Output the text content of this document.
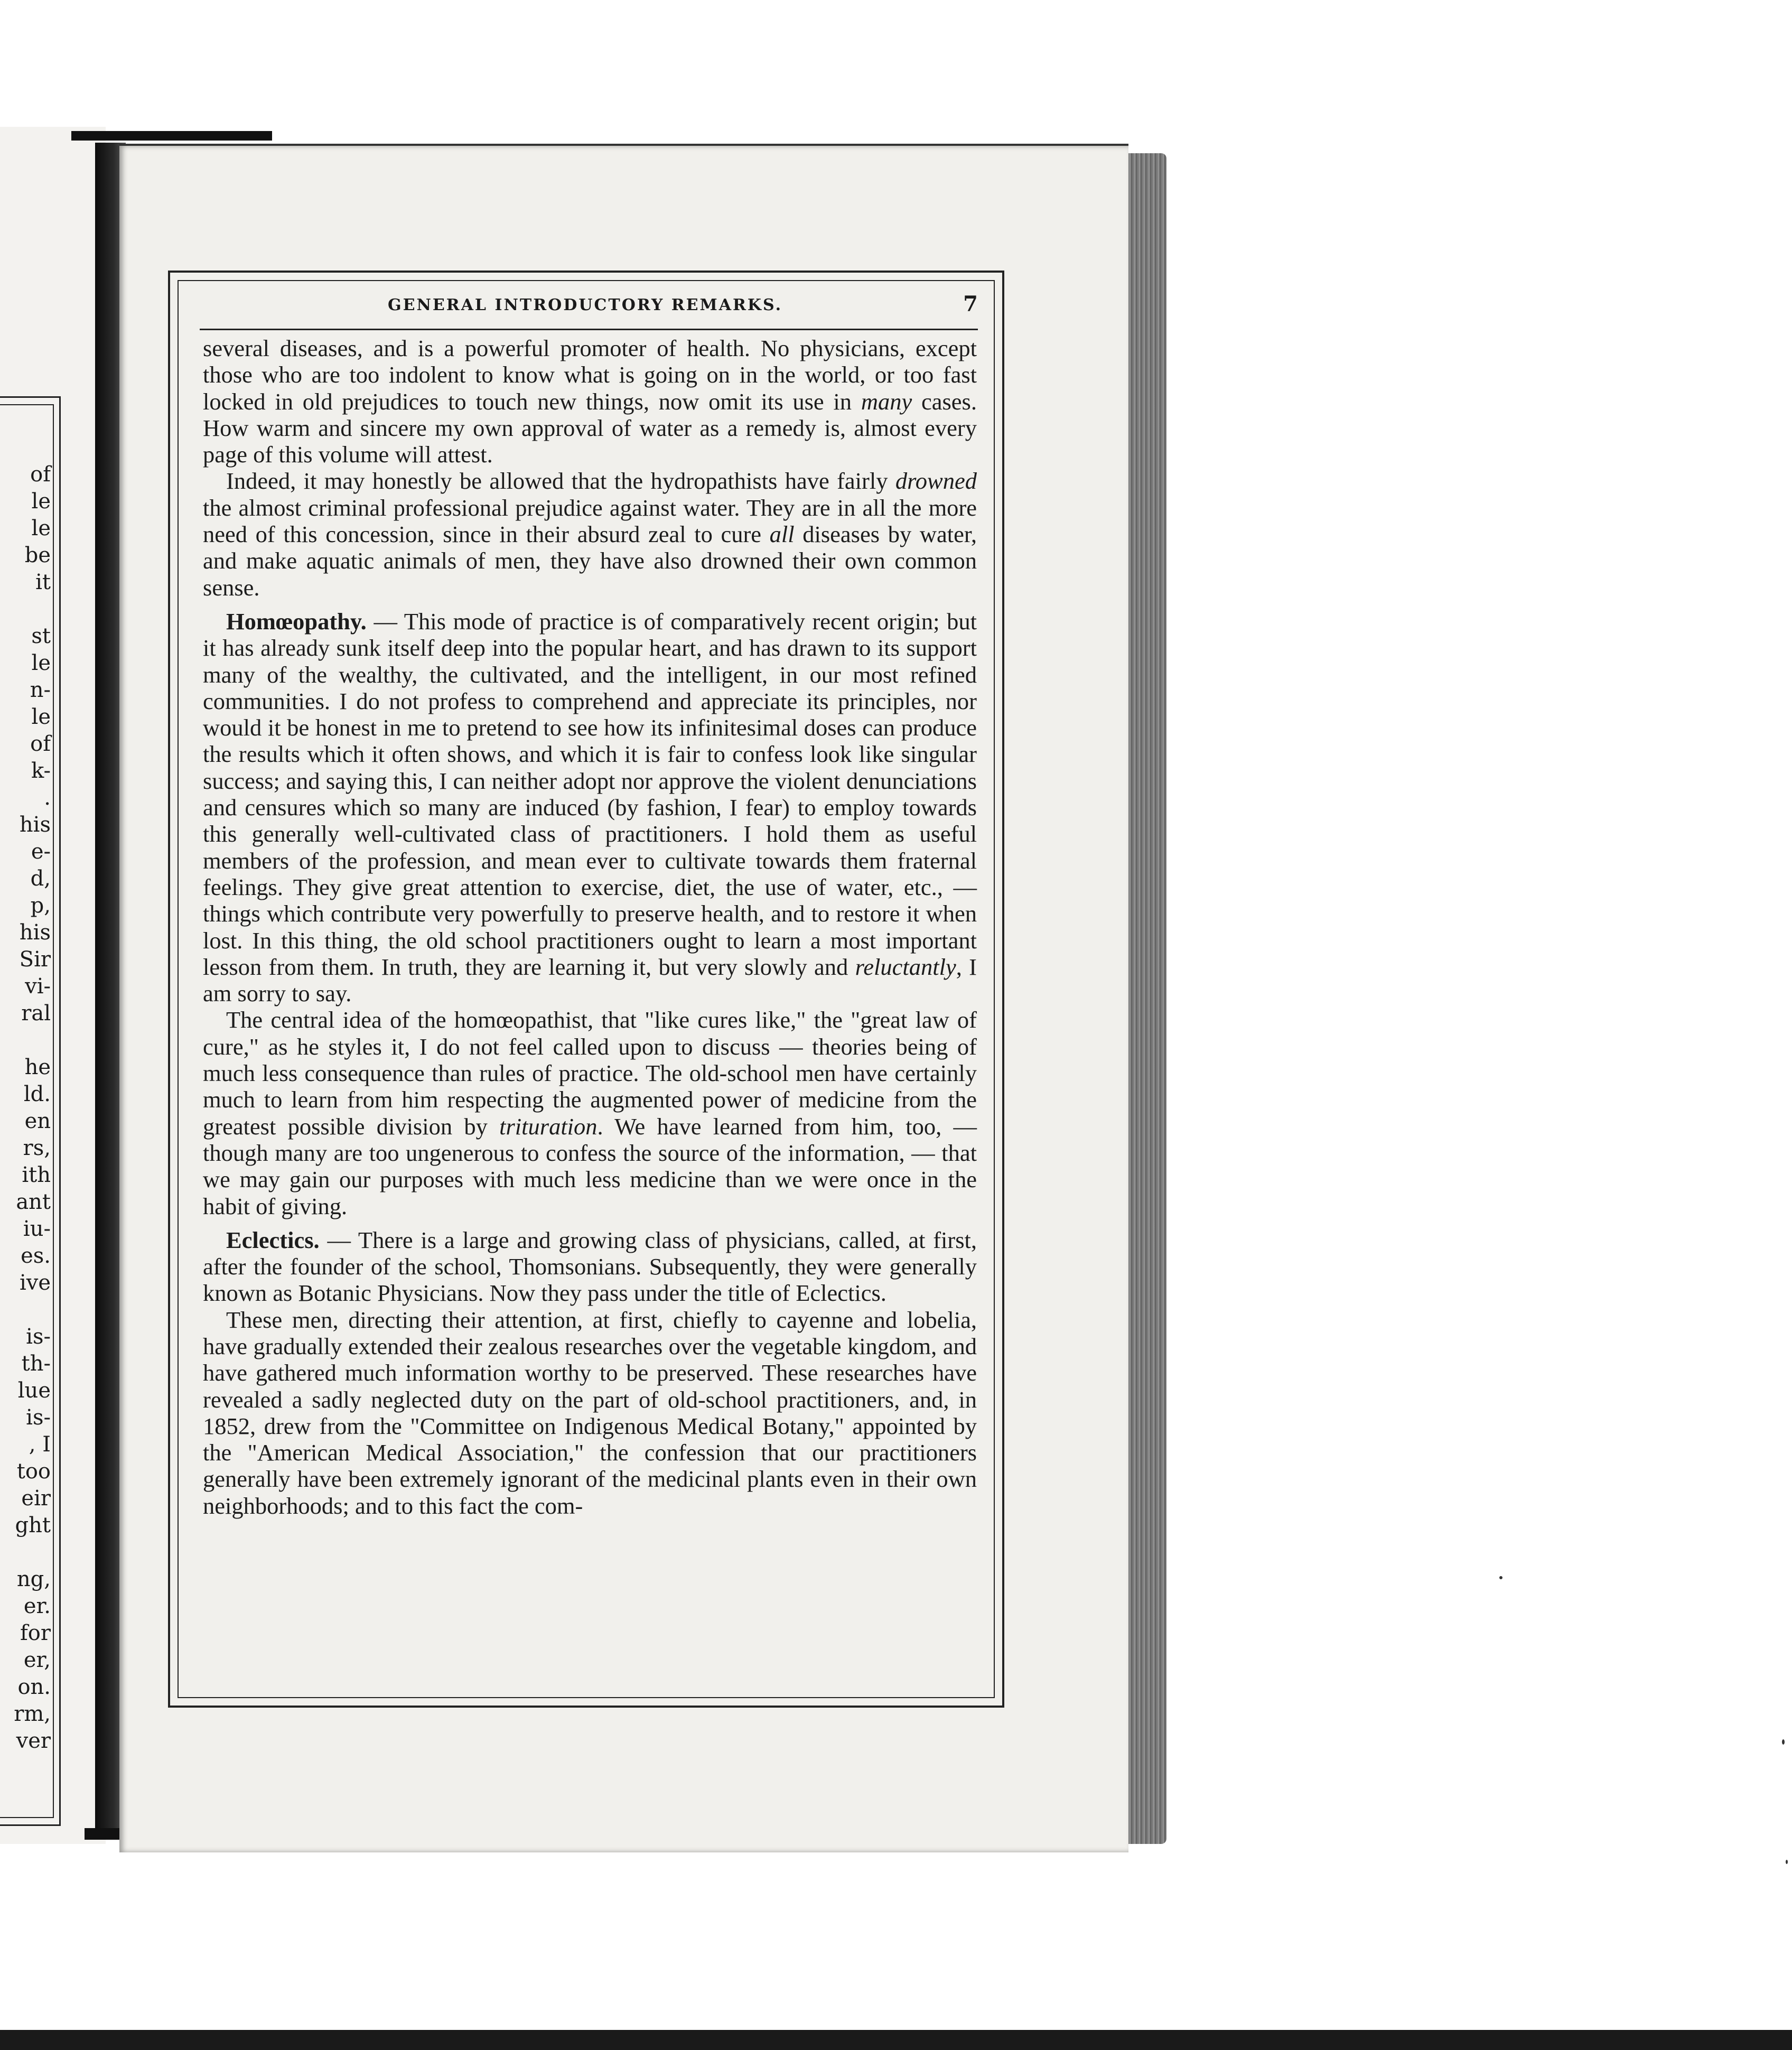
of
le
le
be
it
st
le
n-
le
of
k-
.
his
e-
d,
p,
his
Sir
vi-
ral
he
ld.
en
rs,
ith
ant
iu-
es.
ive
is-
th-
lue
is-
, I
too
eir
ght
ng,
er.
for
er,
on.
rm,
ver
GENERAL INTRODUCTORY REMARKS.	7

several diseases, and is a powerful promoter of health. No physicians, except those who are too indolent to know what is going on in the world, or too fast locked in old prejudices to touch new things, now omit its use in many cases. How warm and sincere my own approval of water as a remedy is, almost every page of this volume will attest.

Indeed, it may honestly be allowed that the hydropathists have fairly drowned the almost criminal professional prejudice against water. They are in all the more need of this concession, since in their absurd zeal to cure all diseases by water, and make aquatic animals of men, they have also drowned their own common sense.

Homœopathy. — This mode of practice is of comparatively recent origin; but it has already sunk itself deep into the popular heart, and has drawn to its support many of the wealthy, the cultivated, and the intelligent, in our most refined communities. I do not profess to comprehend and appreciate its principles, nor would it be honest in me to pretend to see how its infinitesimal doses can produce the results which it often shows, and which it is fair to confess look like singular success; and saying this, I can neither adopt nor approve the violent denunciations and censures which so many are induced (by fashion, I fear) to employ towards this generally well-cultivated class of practitioners. I hold them as useful members of the profession, and mean ever to cultivate towards them fraternal feelings. They give great attention to exercise, diet, the use of water, etc., — things which contribute very powerfully to preserve health, and to restore it when lost. In this thing, the old school practitioners ought to learn a most important lesson from them. In truth, they are learning it, but very slowly and reluctantly, I am sorry to say.

The central idea of the homœopathist, that "like cures like," the "great law of cure," as he styles it, I do not feel called upon to discuss — theories being of much less consequence than rules of practice. The old-school men have certainly much to learn from him respecting the augmented power of medicine from the greatest possible division by trituration. We have learned from him, too, — though many are too ungenerous to confess the source of the information, — that we may gain our purposes with much less medicine than we were once in the habit of giving.

Eclectics. — There is a large and growing class of physicians, called, at first, after the founder of the school, Thomsonians. Subsequently, they were generally known as Botanic Physicians. Now they pass under the title of Eclectics.

These men, directing their attention, at first, chiefly to cayenne and lobelia, have gradually extended their zealous researches over the vegetable kingdom, and have gathered much information worthy to be preserved. These researches have revealed a sadly neglected duty on the part of old-school practitioners, and, in 1852, drew from the "Committee on Indigenous Medical Botany," appointed by the "American Medical Association," the confession that our practitioners generally have been extremely ignorant of the medicinal plants even in their own neighborhoods; and to this fact the com-
